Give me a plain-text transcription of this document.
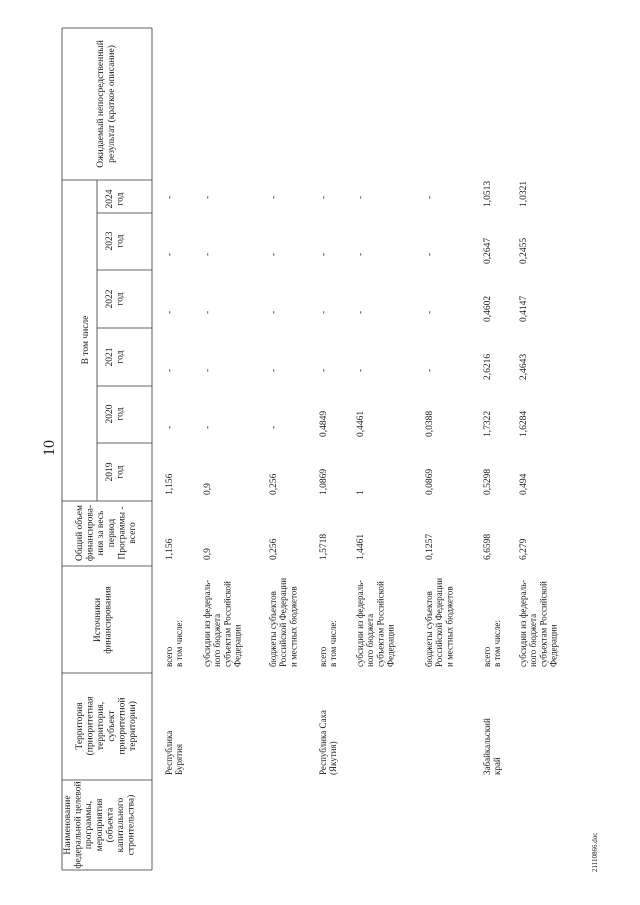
Наименованиефедеральной целевойпрограммы,мероприятия(объектакапитальногостроительства)
Территория(приоритетнаятерритория,субъектприоритетнойтерритории)
Источникифинансирования
Общий объемфинансирова-ния за весьпериодПрограммы -всего
В том числе
2019год
2020год
2021год
2022год
2023год
2024год
Ожидаемый непосредственныйрезультат (краткое описание)
РеспубликаБурятия
всегов том числе:
1,156
1,156
-
-
-
-
-
субсидии из федераль-ного бюджетасубъектам РоссийскойФедерации
0,9
0,9
-
-
-
-
-
бюджеты субъектовРоссийской Федерациии местных бюджетов
0,256
0,256
-
-
-
-
-
Республика Саха(Якутия)
всегов том числе:
1,5718
1,0869
0,4849
-
-
-
-
субсидии из федераль-ного бюджетасубъектам РоссийскойФедерации
1,4461
1
0,4461
-
-
-
-
бюджеты субъектовРоссийской Федерациии местных бюджетов
0,1257
0,0869
0,0388
-
-
-
-
Забайкальскийкрай
всегов том числе:
6,6598
0,5298
1,7322
2,6216
0,4602
0,2647
1,0513
субсидии из федераль-ного бюджетасубъектам РоссийскойФедерации
6,279
0,494
1,6284
2,4643
0,4147
0,2455
1,0321
10
21110866.doc
